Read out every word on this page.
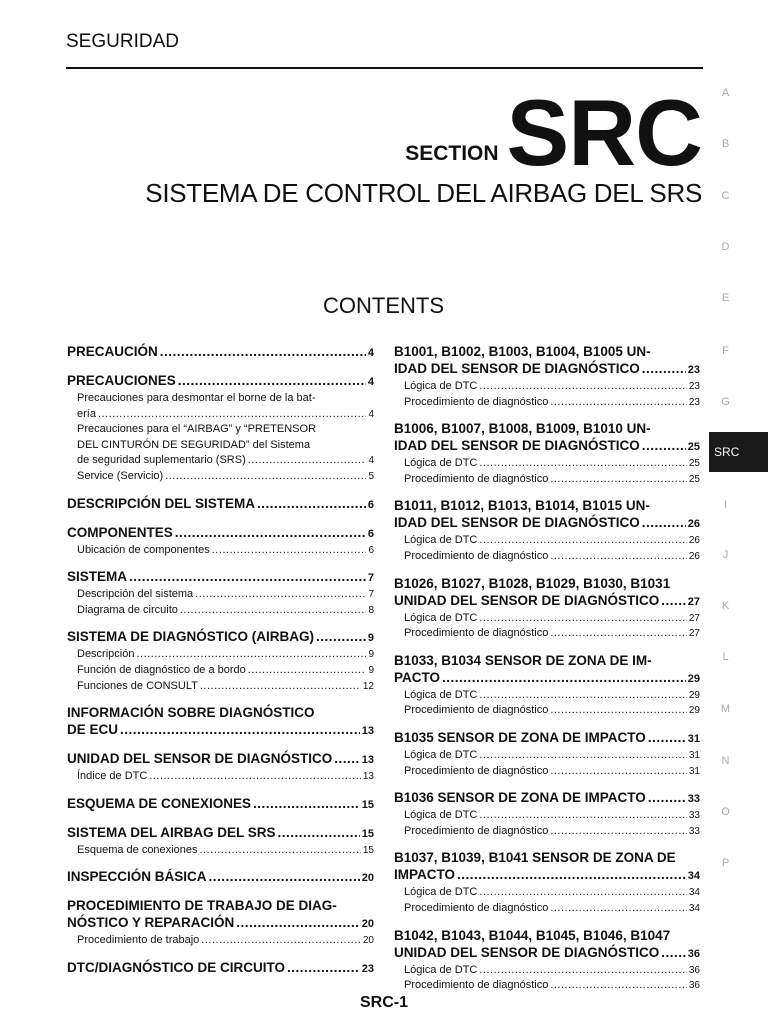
SEGURIDAD
SECTION SRC
SISTEMA DE CONTROL DEL AIRBAG DEL SRS
CONTENTS
PRECAUCIÓN .....	4
PRECAUCIONES .....	4
Precauciones para desmontar el borne de la bat-
ería .....	4
Precauciones para el “AIRBAG” y “PRETENSOR
DEL CINTURÓN DE SEGURIDAD” del Sistema
de seguridad suplementario (SRS) .....	4
Service (Servicio) .....	5
DESCRIPCIÓN DEL SISTEMA .....	6
COMPONENTES .....	6
Ubicación de componentes .....	6
SISTEMA .....	7
Descripción del sistema .....	7
Diagrama de circuito .....	8
SISTEMA DE DIAGNÓSTICO (AIRBAG) .....	9
Descripción .....	9
Función de diagnóstico de a bordo .....	9
Funciones de CONSULT .....	12
INFORMACIÓN SOBRE DIAGNÓSTICO
DE ECU .....	13
UNIDAD DEL SENSOR DE DIAGNÓSTICO .....	13
Índice de DTC .....	13
ESQUEMA DE CONEXIONES .....	15
SISTEMA DEL AIRBAG DEL SRS .....	15
Esquema de conexiones .....	15
INSPECCIÓN BÁSICA .....	20
PROCEDIMIENTO DE TRABAJO DE DIAG-
NÓSTICO Y REPARACIÓN .....	20
Procedimiento de trabajo .....	20
DTC/DIAGNÓSTICO DE CIRCUITO .....	23
B1001, B1002, B1003, B1004, B1005 UN-
IDAD DEL SENSOR DE DIAGNÓSTICO .....	23
Lógica de DTC .....	23
Procedimiento de diagnóstico .....	23
B1006, B1007, B1008, B1009, B1010 UN-
IDAD DEL SENSOR DE DIAGNÓSTICO .....	25
Lógica de DTC .....	25
Procedimiento de diagnóstico .....	25
B1011, B1012, B1013, B1014, B1015 UN-
IDAD DEL SENSOR DE DIAGNÓSTICO .....	26
Lógica de DTC .....	26
Procedimiento de diagnóstico .....	26
B1026, B1027, B1028, B1029, B1030, B1031
UNIDAD DEL SENSOR DE DIAGNÓSTICO .....	27
Lógica de DTC .....	27
Procedimiento de diagnóstico .....	27
B1033, B1034 SENSOR DE ZONA DE IM-
PACTO .....	29
Lógica de DTC .....	29
Procedimiento de diagnóstico .....	29
B1035 SENSOR DE ZONA DE IMPACTO .....	31
Lógica de DTC .....	31
Procedimiento de diagnóstico .....	31
B1036 SENSOR DE ZONA DE IMPACTO .....	33
Lógica de DTC .....	33
Procedimiento de diagnóstico .....	33
B1037, B1039, B1041 SENSOR DE ZONA DE
IMPACTO .....	34
Lógica de DTC .....	34
Procedimiento de diagnóstico .....	34
B1042, B1043, B1044, B1045, B1046, B1047
UNIDAD DEL SENSOR DE DIAGNÓSTICO .....	36
Lógica de DTC .....	36
Procedimiento de diagnóstico .....	36
A
B
C
D
E
F
G
I
J
K
L
M
N
O
P
SRC
SRC-1
